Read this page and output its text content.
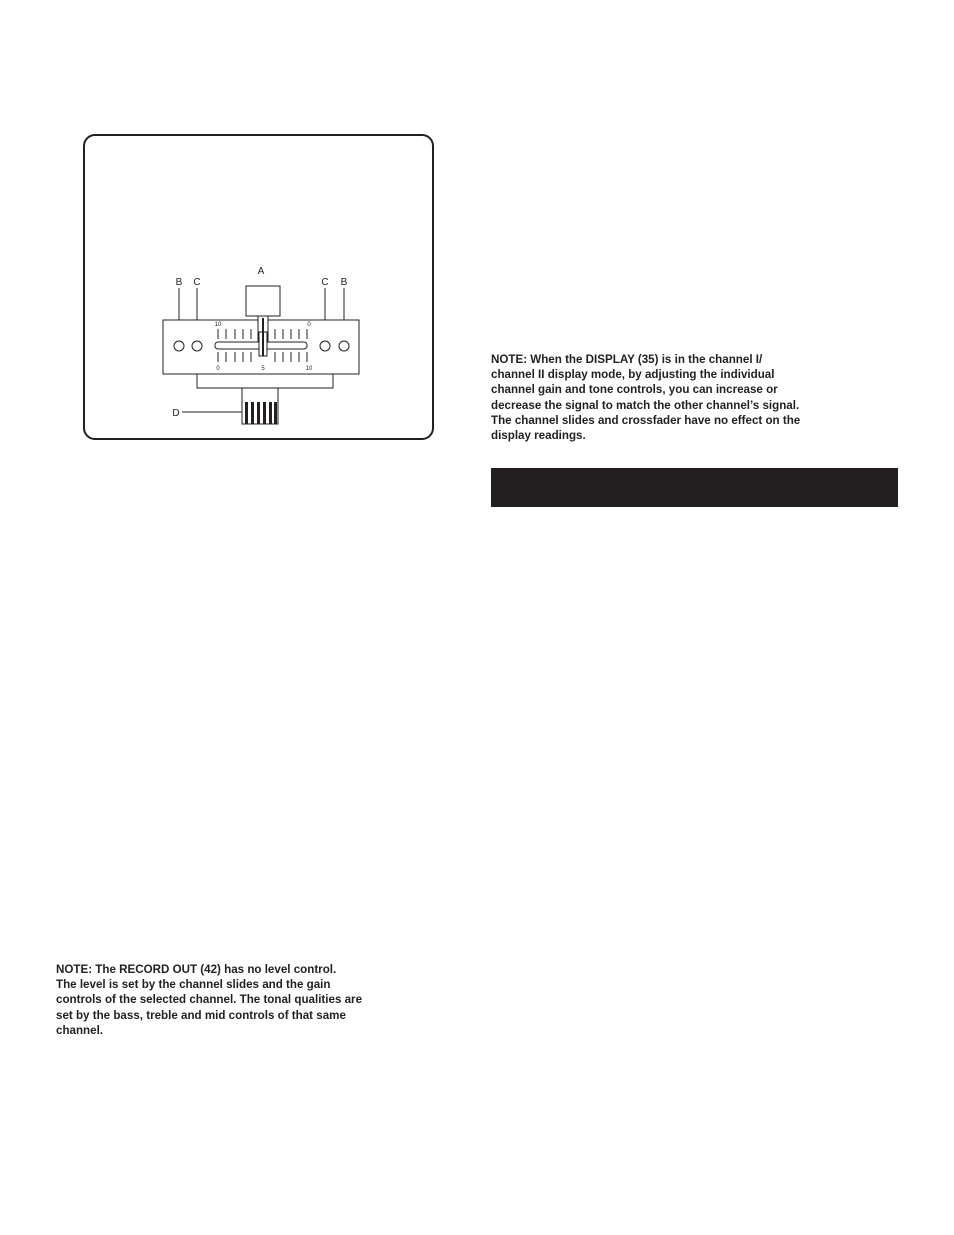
A
B C	C B
D
10	0
0	5	10
NOTE: When the DISPLAY (35) is in the channel I/
channel II display mode, by adjusting the individual
channel gain and tone controls, you can increase or
decrease the signal to match the other channel’s signal.
The channel slides and crossfader have no effect on the
display readings.
NOTE: The RECORD OUT (42) has no level control.
The level is set by the channel slides and the gain
controls of the selected channel. The tonal qualities are
set by the bass, treble and mid controls of that same
channel.
